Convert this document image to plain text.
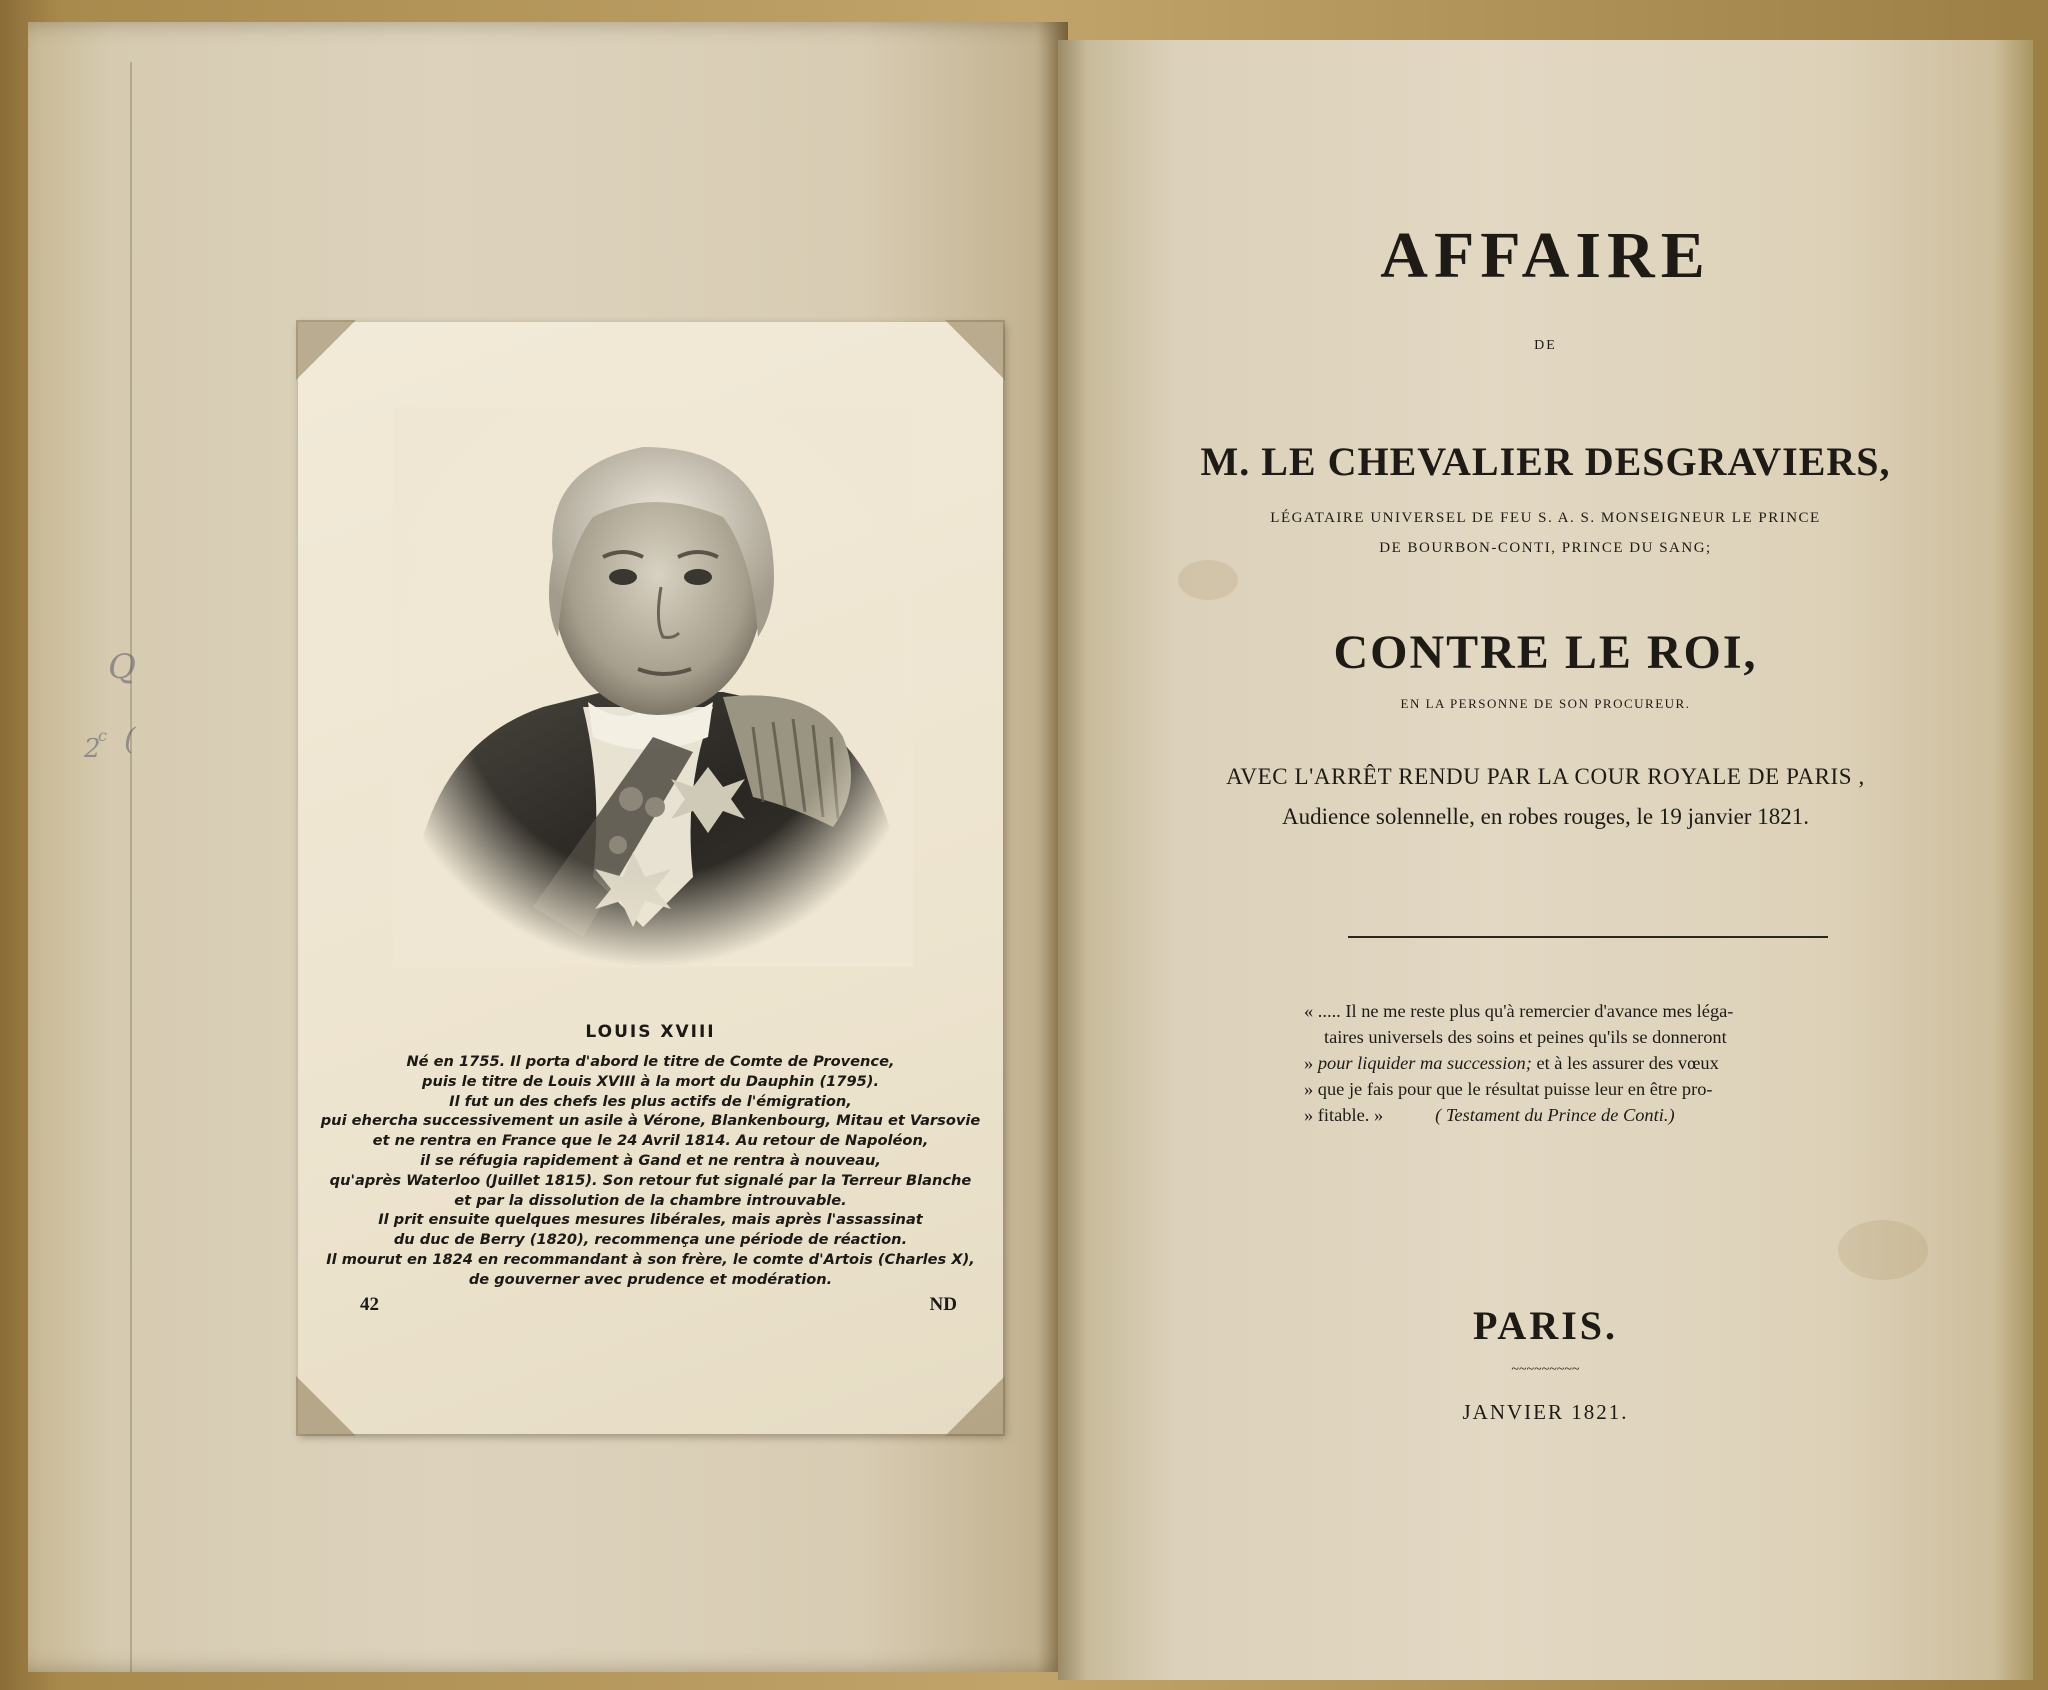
Q
2
c (
LOUIS XVIII
Né en 1755. Il porta d'abord le titre de Comte de Provence,
puis le titre de Louis XVIII à la mort du Dauphin (1795).
Il fut un des chefs les plus actifs de l'émigration,
pui ehercha successivement un asile à Vérone, Blankenbourg, Mitau et Varsovie
et ne rentra en France que le 24 Avril 1814. Au retour de Napoléon,
il se réfugia rapidement à Gand et ne rentra à nouveau,
qu'après Waterloo (Juillet 1815). Son retour fut signalé par la Terreur Blanche
et par la dissolution de la chambre introuvable.
Il prit ensuite quelques mesures libérales, mais après l'assassinat
du duc de Berry (1820), recommença une période de réaction.
Il mourut en 1824 en recommandant à son frère, le comte d'Artois (Charles X),
de gouverner avec prudence et modération.
42	ND
AFFAIRE
DE
M. LE CHEVALIER DESGRAVIERS,
LÉGATAIRE UNIVERSEL DE FEU S. A. S. MONSEIGNEUR LE PRINCE
DE BOURBON-CONTI, PRINCE DU SANG;
CONTRE LE ROI,
EN LA PERSONNE DE SON PROCUREUR.
AVEC L'ARRÊT RENDU PAR LA COUR ROYALE DE PARIS ,
Audience solennelle, en robes rouges, le 19 janvier 1821.
« ..... Il ne me reste plus qu'à remercier d'avance mes léga-
taires universels des soins et peines qu'ils se donneront
» pour liquider ma succession; et à les assurer des vœux
» que je fais pour que le résultat puisse leur en être pro-
» fitable. »	( Testament du Prince de Conti.)
PARIS.
~~~~~~~~~
JANVIER 1821.
